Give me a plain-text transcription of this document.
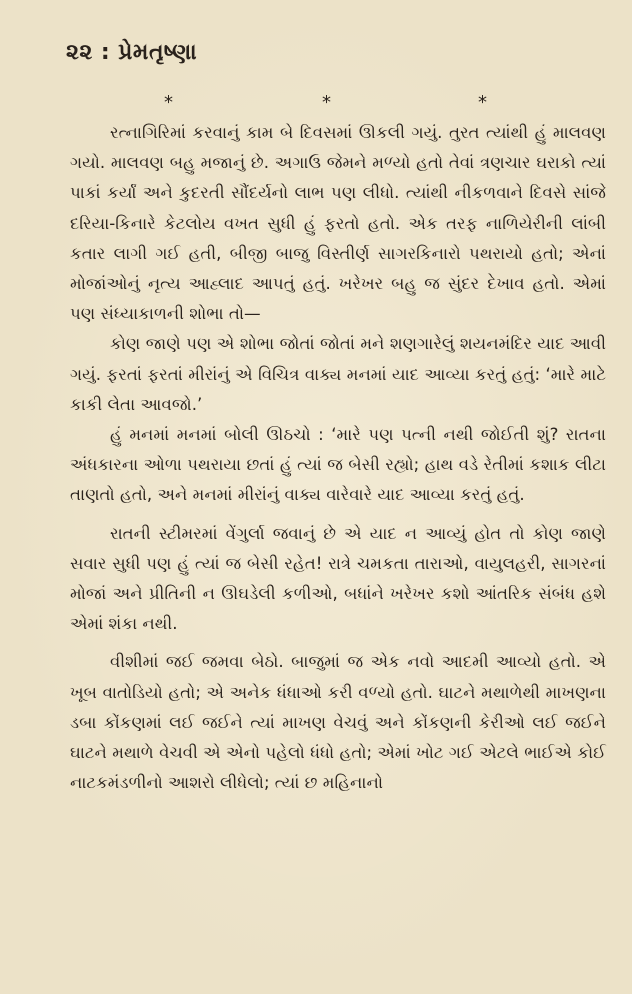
૨૨ : પ્રેમતૃષ્ણા
*	*	*

રત્નાગિરિમાં કરવાનું કામ બે દિવસમાં ઊકલી ગયું. તુરત ત્યાંથી હું માલવણ ગયો. માલવણ બહુ મજાનું છે. અગાઉ જેમને મળ્યો હતો તેવાં ત્રણચાર ઘરાકો ત્યાં પાકાં કર્યાં અને કુદરતી સૌંદર્યનો લાભ પણ લીધો. ત્યાંથી નીકળવાને દિવસે સાંજે દરિયા-કિનારે કેટલોય વખત સુધી હું ફરતો હતો. એક તરફ નાળિયેરીની લાંબી કતાર લાગી ગઈ હતી, બીજી બાજુ વિસ્તીર્ણ સાગરકિનારો પથરાયો હતો; એનાં મોજાંઓનું નૃત્ય આહ્લાદ આપતું હતું. ખરેખર બહુ જ સુંદર દેખાવ હતો. એમાં પણ સંધ્યાકાળની શોભા તો—

કોણ જાણે પણ એ શોભા જોતાં જોતાં મને શણગારેલું શયનમંદિર યાદ આવી ગયું. ફરતાં ફરતાં મીરાંનું એ વિચિત્ર વાક્ય મનમાં યાદ આવ્યા કરતું હતું: ‘મારે માટે કાકી લેતા આવજો.’

હું મનમાં મનમાં બોલી ઊઠચો : ‘મારે પણ પત્ની નથી જોઈતી શું? રાતના અંધકારના ઓળા પથરાયા છતાં હું ત્યાં જ બેસી રહ્યો; હાથ વડે રેતીમાં કશાક લીટા તાણતો હતો, અને મનમાં મીરાંનું વાક્ય વારેવારે યાદ આવ્યા કરતું હતું.

રાતની સ્ટીમરમાં વેંગુર્લા જવાનું છે એ યાદ ન આવ્યું હોત તો કોણ જાણે સવાર સુધી પણ હું ત્યાં જ બેસી રહેત! રાત્રે ચમકતા તારાઓ, વાયુલહરી, સાગરનાં મોજાં અને પ્રીતિની ન ઊઘડેલી કળીઓ, બધાંને ખરેખર કશો આંતરિક સંબંધ હશે એમાં શંકા નથી.

વીશીમાં જઈ જમવા બેઠો. બાજુમાં જ એક નવો આદમી આવ્યો હતો. એ ખૂબ વાતોડિયો હતો; એ અનેક ધંધાઓ કરી વળ્યો હતો. ઘાટને મથાળેથી માખણના ડબા કોંકણમાં લઈ જઈને ત્યાં માખણ વેચવું અને કોંકણની કેરીઓ લઈ જઈને ઘાટને મથાળે વેચવી એ એનો પહેલો ધંધો હતો; એમાં ખોટ ગઈ એટલે ભાઈએ કોઈ નાટકમંડળીનો આશરો લીધેલો; ત્યાં છ મહિનાનો
